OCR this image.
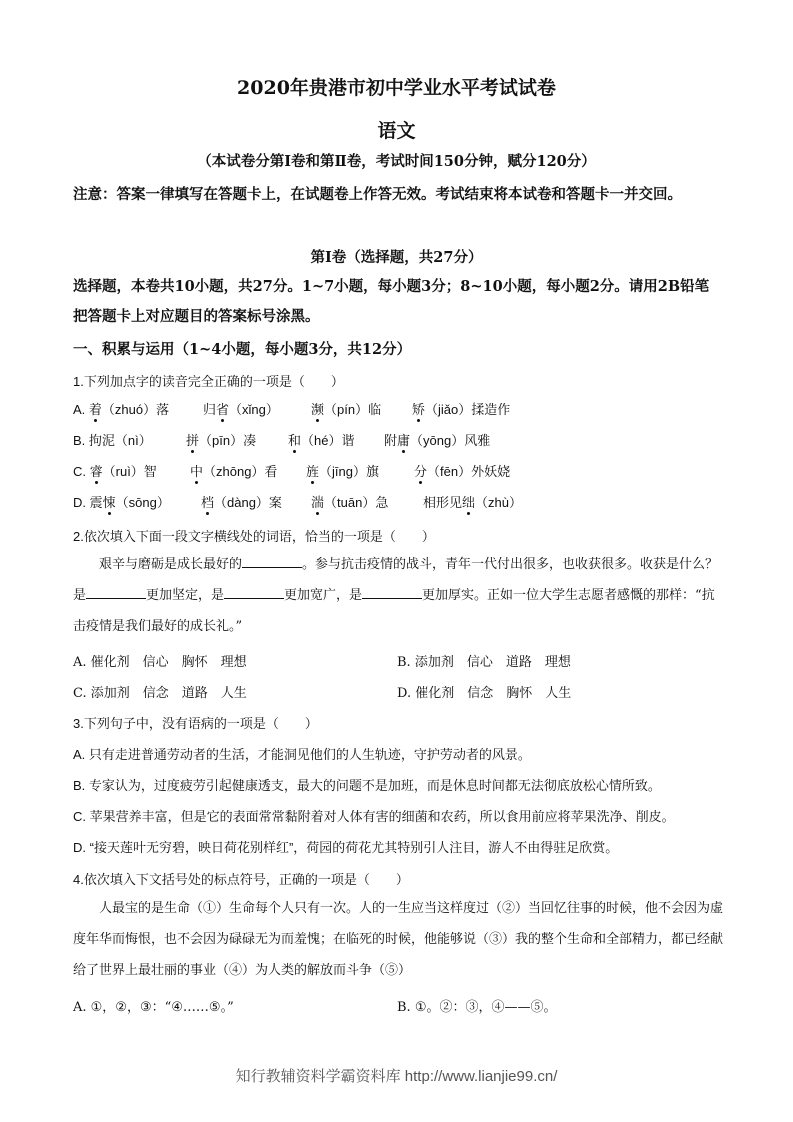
2020年贵港市初中学业水平考试试卷
语文
（本试卷分第Ⅰ卷和第Ⅱ卷，考试时间150分钟，赋分120分）
注意：答案一律填写在答题卡上，在试题卷上作答无效。考试结束将本试卷和答题卡一并交回。
第Ⅰ卷（选择题，共27分）
选择题，本卷共10小题，共27分。1~7小题，每小题3分；8~10小题，每小题2分。请用2B铅笔把答题卡上对应题目的答案标号涂黑。
一、积累与运用（1~4小题，每小题3分，共12分）
1.下列加点字的读音完全正确的一项是（　　）
A. 着（zhuó）落	归省（xǐng） 濒（pín）临 矫（jiǎo）揉造作
B. 拘泥（nì）	拼（pīn）凑 和（hé）谐 附庸（yōng）风雅
C. 睿（ruì）智	中（zhōng）看 旌（jīng）旗	分（fēn）外妖娆
D. 震悚（sōng） 档（dàng）案 湍（tuān）急	相形见绌（zhù）
2.依次填入下面一段文字横线处的词语，恰当的一项是（　　）
艰辛与磨砺是成长最好的	。参与抗击疫情的战斗，青年一代付出很多，也收获很多。收获是什么？是	更加坚定，是	更加宽广，是	更加厚实。正如一位大学生志愿者感慨的那样：“抗击疫情是我们最好的成长礼。”
A. 催化剂　信心　胸怀　理想	B. 添加剂　信心　道路　理想
C. 添加剂　信念　道路　人生	D. 催化剂　信念　胸怀　人生
3.下列句子中，没有语病的一项是（　　）
A. 只有走进普通劳动者的生活，才能洞见他们的人生轨迹，守护劳动者的风景。
B. 专家认为，过度疲劳引起健康透支，最大的问题不是加班，而是休息时间都无法彻底放松心情所致。
C. 苹果营养丰富，但是它的表面常常黏附着对人体有害的细菌和农药，所以食用前应将苹果洗净、削皮。
D. “接天莲叶无穷碧，映日荷花别样红”，荷园的荷花尤其特别引人注目，游人不由得驻足欣赏。
4.依次填入下文括号处的标点符号，正确的一项是（　　）
人最宝的是生命（①）生命每个人只有一次。人的一生应当这样度过（②）当回忆往事的时候，他不会因为虚度年华而悔恨，也不会因为碌碌无为而羞愧；在临死的时候，他能够说（③）我的整个生命和全部精力，都已经献给了世界上最壮丽的事业（④）为人类的解放而斗争（⑤）
A. ①，②，③：“④……⑤。”	B. ①。②：③，④——⑤。
知行教辅资料学霸资料库 http://www.lianjie99.cn/
